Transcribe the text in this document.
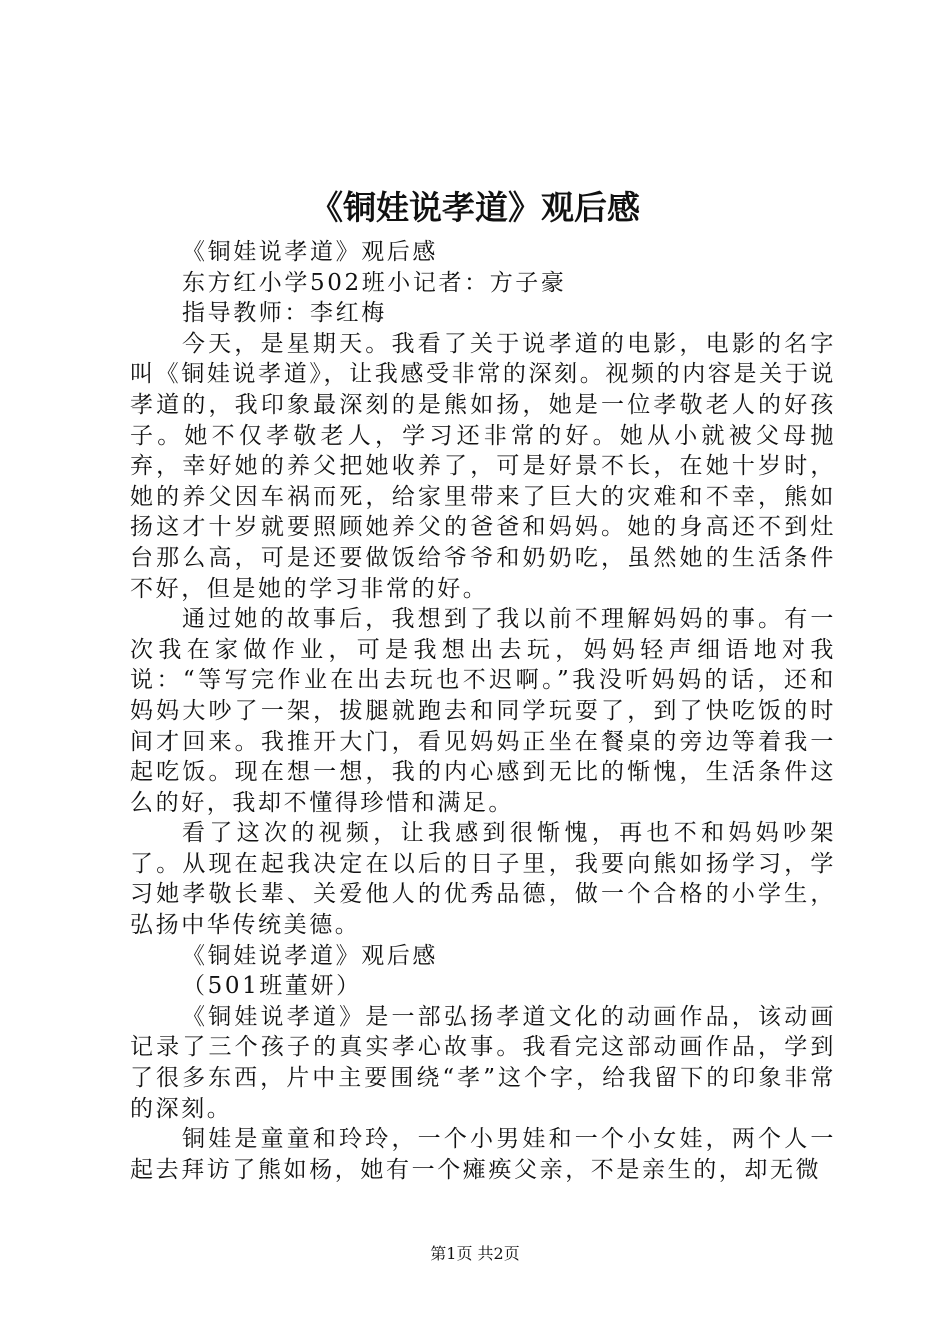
《铜娃说孝道》观后感

《铜娃说孝道》观后感

东方红小学502班小记者：方子豪

指导教师：李红梅

今天，是星期天。我看了关于说孝道的电影，电影的名字叫《铜娃说孝道》，让我感受非常的深刻。视频的内容是关于说孝道的，我印象最深刻的是熊如扬，她是一位孝敬老人的好孩子。她不仅孝敬老人，学习还非常的好。她从小就被父母抛弃，幸好她的养父把她收养了，可是好景不长，在她十岁时，她的养父因车祸而死，给家里带来了巨大的灾难和不幸，熊如扬这才十岁就要照顾她养父的爸爸和妈妈。她的身高还不到灶台那么高，可是还要做饭给爷爷和奶奶吃，虽然她的生活条件不好，但是她的学习非常的好。

通过她的故事后，我想到了我以前不理解妈妈的事。有一次我在家做作业，可是我想出去玩，妈妈轻声细语地对我说：“等写完作业在出去玩也不迟啊。”我没听妈妈的话，还和妈妈大吵了一架，拔腿就跑去和同学玩耍了，到了快吃饭的时间才回来。我推开大门，看见妈妈正坐在餐桌的旁边等着我一起吃饭。现在想一想，我的内心感到无比的惭愧，生活条件这么的好，我却不懂得珍惜和满足。

看了这次的视频，让我感到很惭愧，再也不和妈妈吵架了。从现在起我决定在以后的日子里，我要向熊如扬学习，学习她孝敬长辈、关爱他人的优秀品德，做一个合格的小学生，弘扬中华传统美德。

《铜娃说孝道》观后感

（501班董妍）

《铜娃说孝道》是一部弘扬孝道文化的动画作品，该动画记录了三个孩子的真实孝心故事。我看完这部动画作品，学到了很多东西，片中主要围绕“孝”这个字，给我留下的印象非常的深刻。

铜娃是童童和玲玲，一个小男娃和一个小女娃，两个人一起去拜访了熊如杨，她有一个瘫痪父亲，不是亲生的，却无微

第1页 共2页
